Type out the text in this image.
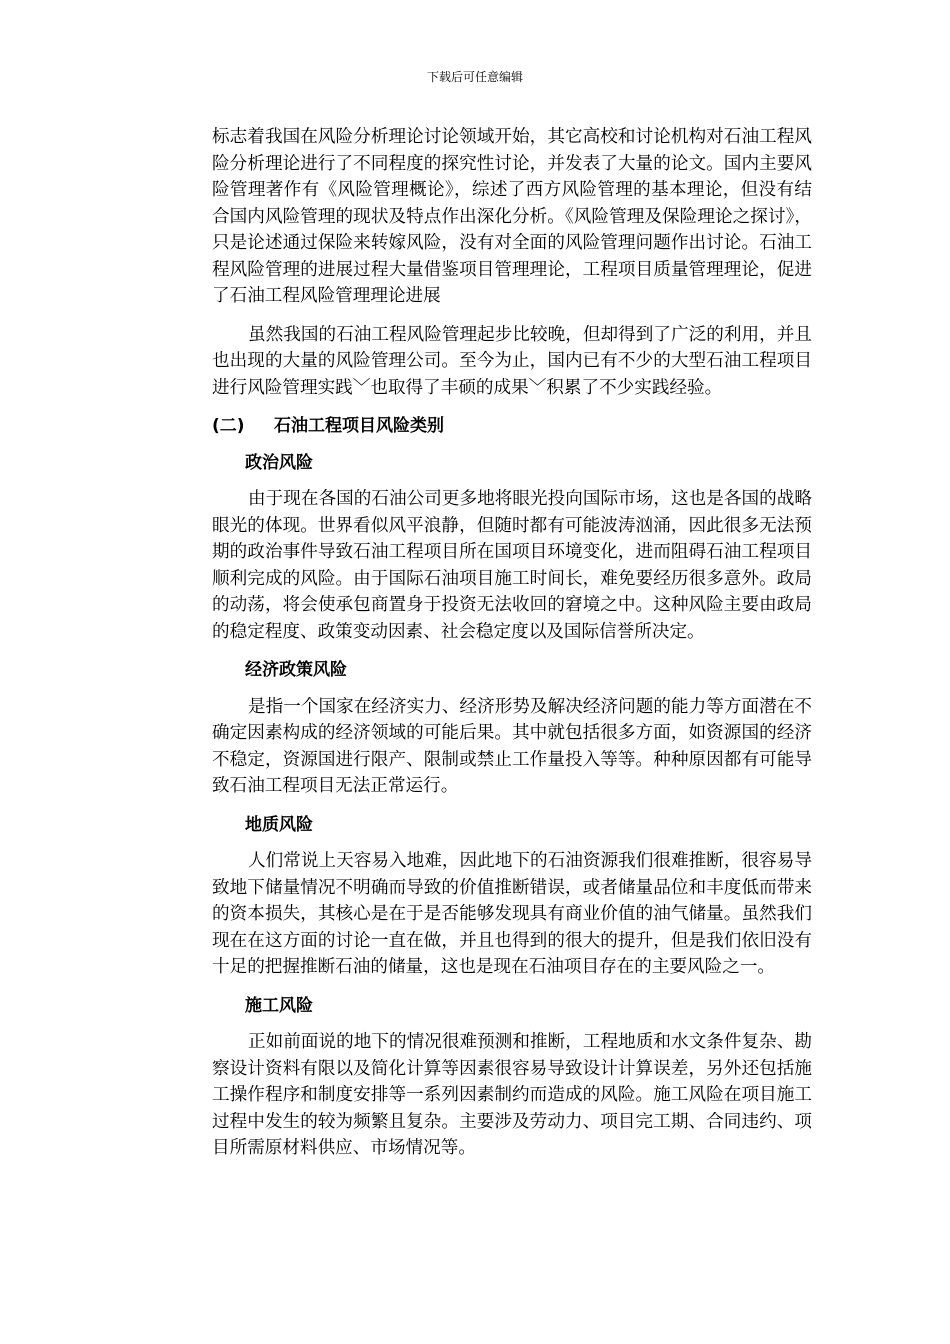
下载后可任意编辑

标志着我国在风险分析理论讨论领域开始，其它高校和讨论机构对石油工程风险分析理论进行了不同程度的探究性讨论，并发表了大量的论文。国内主要风险管理著作有《风险管理概论》，综述了西方风险管理的基本理论，但没有结合国内风险管理的现状及特点作出深化分析。《风险管理及保险理论之探讨》，只是论述通过保险来转嫁风险，没有对全面的风险管理问题作出讨论。石油工程风险管理的进展过程大量借鉴项目管理理论，工程项目质量管理理论，促进了石油工程风险管理理论进展

虽然我国的石油工程风险管理起步比较晚，但却得到了广泛的利用，并且也出现的大量的风险管理公司。至今为止，国内已有不少的大型石油工程项目进行风险管理实践﹀也取得了丰硕的成果﹀积累了不少实践经验。

(二) 石油工程项目风险类别

政治风险

由于现在各国的石油公司更多地将眼光投向国际市场，这也是各国的战略眼光的体现。世界看似风平浪静，但随时都有可能波涛汹涌，因此很多无法预期的政治事件导致石油工程项目所在国项目环境变化，进而阻碍石油工程项目顺利完成的风险。由于国际石油项目施工时间长，难免要经历很多意外。政局的动荡，将会使承包商置身于投资无法收回的窘境之中。这种风险主要由政局的稳定程度、政策变动因素、社会稳定度以及国际信誉所决定。

经济政策风险

是指一个国家在经济实力、经济形势及解决经济问题的能力等方面潜在不确定因素构成的经济领域的可能后果。其中就包括很多方面，如资源国的经济不稳定，资源国进行限产、限制或禁止工作量投入等等。种种原因都有可能导致石油工程项目无法正常运行。

地质风险

人们常说上天容易入地难，因此地下的石油资源我们很难推断，很容易导致地下储量情况不明确而导致的价值推断错误，或者储量品位和丰度低而带来的资本损失，其核心是在于是否能够发现具有商业价值的油气储量。虽然我们现在在这方面的讨论一直在做，并且也得到的很大的提升，但是我们依旧没有十足的把握推断石油的储量，这也是现在石油项目存在的主要风险之一。

施工风险

正如前面说的地下的情况很难预测和推断，工程地质和水文条件复杂、勘察设计资料有限以及简化计算等因素很容易导致设计计算误差，另外还包括施工操作程序和制度安排等一系列因素制约而造成的风险。施工风险在项目施工过程中发生的较为频繁且复杂。主要涉及劳动力、项目完工期、合同违约、项目所需原材料供应、市场情况等。
